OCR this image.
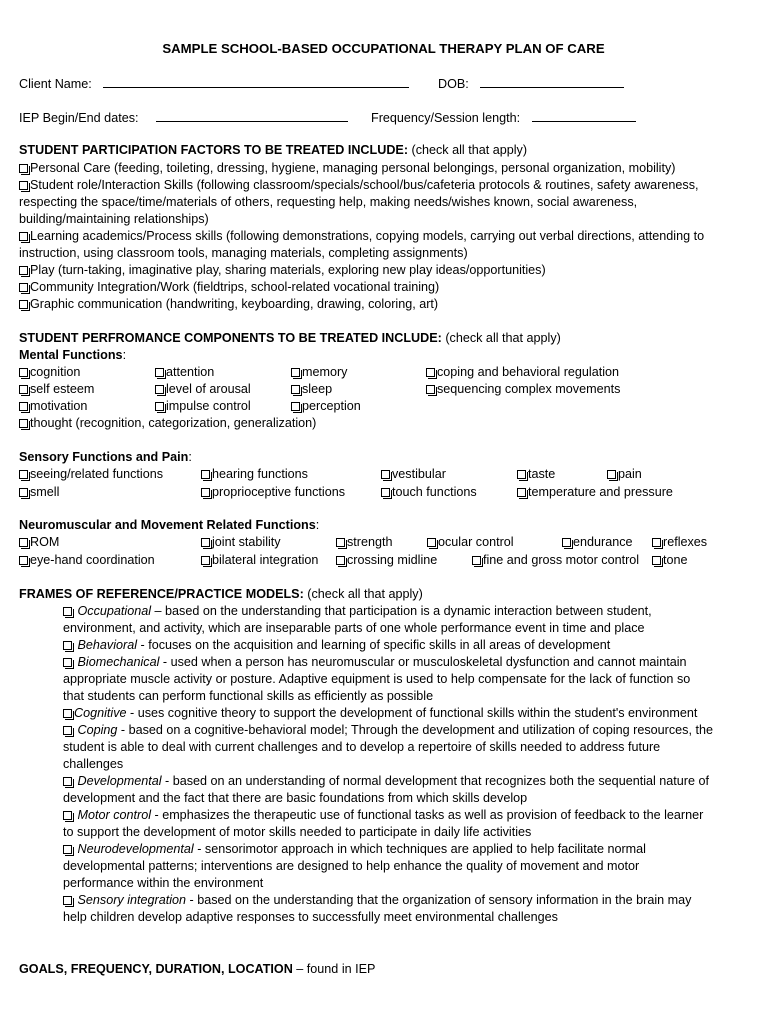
SAMPLE SCHOOL-BASED OCCUPATIONAL THERAPY PLAN OF CARE
Client Name:	DOB:
IEP Begin/End dates:	Frequency/Session length:
STUDENT PARTICIPATION FACTORS TO BE TREATED INCLUDE: (check all that apply)
Personal Care (feeding, toileting, dressing, hygiene, managing personal belongings, personal organization, mobility)
Student role/Interaction Skills (following classroom/specials/school/bus/cafeteria protocols & routines, safety awareness, respecting the space/time/materials of others, requesting help, making needs/wishes known, social awareness, building/maintaining relationships)
Learning academics/Process skills (following demonstrations, copying models, carrying out verbal directions, attending to instruction, using classroom tools, managing materials, completing assignments)
Play (turn-taking, imaginative play, sharing materials, exploring new play ideas/opportunities)
Community Integration/Work (fieldtrips, school-related vocational training)
Graphic communication (handwriting, keyboarding, drawing, coloring, art)
STUDENT PERFROMANCE COMPONENTS TO BE TREATED INCLUDE: (check all that apply)
Mental Functions:
cognition	attention	memory	coping and behavioral regulation
self esteem	level of arousal	sleep	sequencing complex movements
motivation	impulse control	perception
thought (recognition, categorization, generalization)
Sensory Functions and Pain:
seeing/related functions	hearing functions	vestibular	taste	pain
smell	proprioceptive functions	touch functions	temperature and pressure
Neuromuscular and Movement Related Functions:
ROM	joint stability	strength	ocular control	endurance	reflexes
eye-hand coordination	bilateral integration	crossing midline	fine and gross motor control	tone
FRAMES OF REFERENCE/PRACTICE MODELS: (check all that apply)
Occupational – based on the understanding that participation is a dynamic interaction between student, environment, and activity, which are inseparable parts of one whole performance event in time and place
Behavioral - focuses on the acquisition and learning of specific skills in all areas of development
Biomechanical - used when a person has neuromuscular or musculoskeletal dysfunction and cannot maintain appropriate muscle activity or posture. Adaptive equipment is used to help compensate for the lack of function so that students can perform functional skills as efficiently as possible
Cognitive - uses cognitive theory to support the development of functional skills within the student's environment
Coping - based on a cognitive-behavioral model; Through the development and utilization of coping resources, the student is able to deal with current challenges and to develop a repertoire of skills needed to address future challenges
Developmental - based on an understanding of normal development that recognizes both the sequential nature of development and the fact that there are basic foundations from which skills develop
Motor control - emphasizes the therapeutic use of functional tasks as well as provision of feedback to the learner to support the development of motor skills needed to participate in daily life activities
Neurodevelopmental - sensorimotor approach in which techniques are applied to help facilitate normal developmental patterns; interventions are designed to help enhance the quality of movement and motor performance within the environment
Sensory integration - based on the understanding that the organization of sensory information in the brain may help children develop adaptive responses to successfully meet environmental challenges
GOALS, FREQUENCY, DURATION, LOCATION – found in IEP
